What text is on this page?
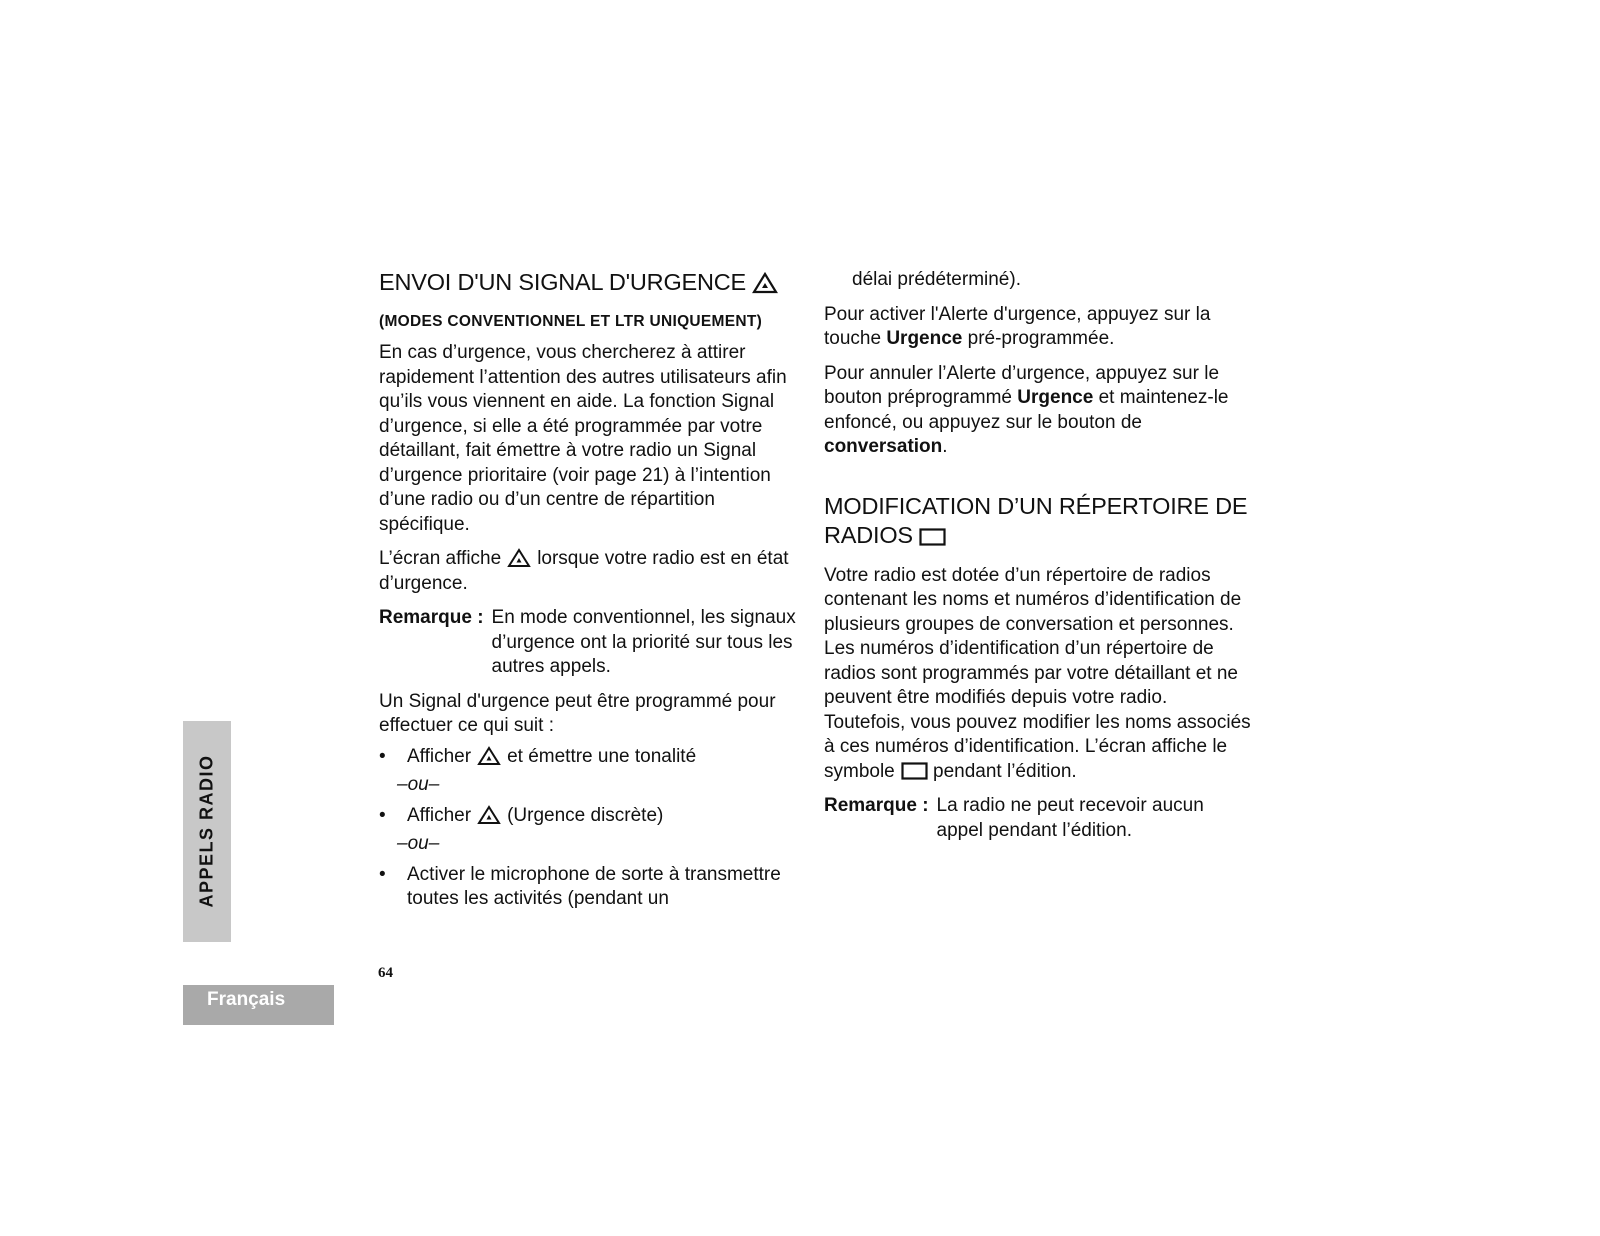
ENVOI D'UN SIGNAL D'URGENCE
(MODES CONVENTIONNEL ET LTR UNIQUEMENT)

En cas d’urgence, vous chercherez à attirer rapidement l’attention des autres utilisateurs afin qu’ils vous viennent en aide. La fonction Signal d’urgence, si elle a été programmée par votre détaillant, fait émettre à votre radio un Signal d’urgence prioritaire (voir page 21) à l’intention d’une radio ou d’un centre de répartition spécifique.

L’écran affiche lorsque votre radio est en état d’urgence.

Remarque : En mode conventionnel, les signaux d’urgence ont la priorité sur tous les autres appels.

Un Signal d'urgence peut être programmé pour effectuer ce qui suit :

• Afficher et émettre une tonalité
–ou–
• Afficher (Urgence discrète)
–ou–
• Activer le microphone de sorte à transmettre toutes les activités (pendant un

délai prédéterminé).

Pour activer l'Alerte d'urgence, appuyez sur la touche Urgence pré-programmée.

Pour annuler l’Alerte d’urgence, appuyez sur le bouton préprogrammé Urgence et maintenez-le enfoncé, ou appuyez sur le bouton de conversation.

MODIFICATION D’UN RÉPERTOIRE DE RADIOS

Votre radio est dotée d’un répertoire de radios contenant les noms et numéros d’identification de plusieurs groupes de conversation et personnes. Les numéros d’identification d’un répertoire de radios sont programmés par votre détaillant et ne peuvent être modifiés depuis votre radio. Toutefois, vous pouvez modifier les noms associés à ces numéros d’identification. L’écran affiche le symbole pendant l’édition.

Remarque : La radio ne peut recevoir aucun appel pendant l’édition.
APPELS RADIO
64
Français
